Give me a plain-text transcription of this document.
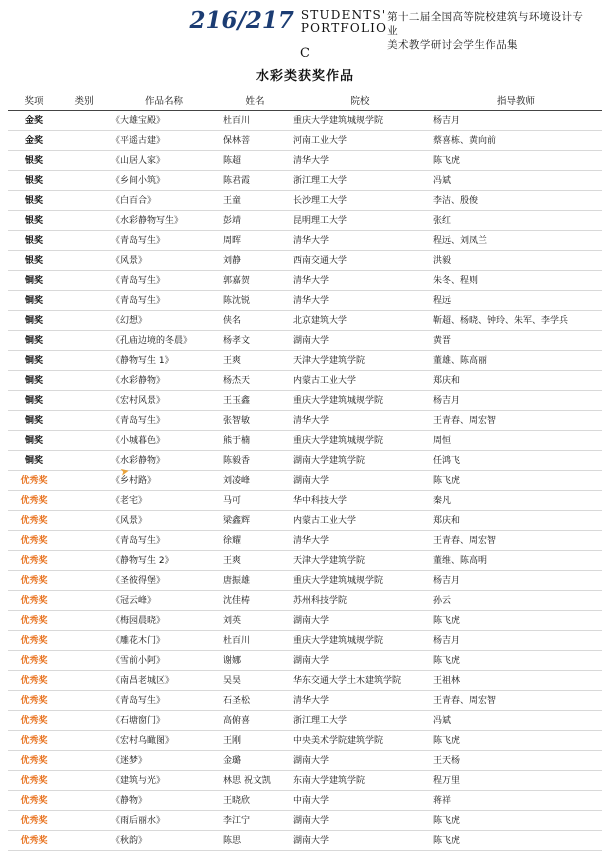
216/217 STUDENTS'
PORTFOLIO
第十二届全国高等院校建筑与环境设计专业
美术教学研讨会学生作品集
C
水彩类获奖作品
奖项	类别	作品名称	姓名	院校	指导教师
金奖		《大雄宝殿》	杜百川	重庆大学建筑城规学院	杨吉月
金奖		《平遥古建》	保林菩	河南工业大学	蔡喜栋、黄向前
银奖		《山居人家》	陈超	清华大学	陈飞虎
银奖		《乡间小筑》	陈君霞	浙江理工大学	冯斌
银奖		《白百合》	王童	长沙理工大学	李洁、殷俊
银奖		《水彩静物写生》	彭靖	昆明理工大学	张红
银奖		《青岛写生》	周晖	清华大学	程远、刘凤兰
银奖		《风景》	刘静	西南交通大学	洪毅
铜奖		《青岛写生》	郭嘉贺	清华大学	朱冬、程则
铜奖		《青岛写生》	陈沈锐	清华大学	程远
铜奖		《幻想》	侠名	北京建筑大学	靳超、杨晓、钟玲、朱军、李学兵
铜奖		《孔庙边境的冬晨》	杨孝文	湖南大学	黄晋
铜奖		《静物写生 1》	王爽	天津大学建筑学院	董雄、陈高丽
铜奖		《水彩静物》	杨杰天	内蒙古工业大学	郑庆和
铜奖		《宏村风景》	王玉鑫	重庆大学建筑城规学院	杨吉月
铜奖		《青岛写生》	张智敏	清华大学	王青春、周宏智
铜奖		《小城暮色》	熊于楠	重庆大学建筑城规学院	周恒
铜奖		《水彩静物》	陈毅香	湖南大学建筑学院	任鸿飞
优秀奖		《乡村路》	刘凌峰	湖南大学	陈飞虎
优秀奖		《老宅》	马可	华中科技大学	秦凡
优秀奖		《风景》	梁鑫辉	内蒙古工业大学	郑庆和
优秀奖		《青岛写生》	徐耀	清华大学	王青春、周宏智
优秀奖		《静物写生 2》	王爽	天津大学建筑学院	董维、陈高明
优秀奖		《圣彼得堡》	唐振雄	重庆大学建筑城规学院	杨吉月
优秀奖		《冠云峰》	沈佳梼	苏州科技学院	孙云
优秀奖		《梅园晨晓》	刘英	湖南大学	陈飞虎
优秀奖		《雕花木门》	杜百川	重庆大学建筑城规学院	杨吉月
优秀奖		《雪前小阿》	谢娜	湖南大学	陈飞虎
优秀奖		《南昌老城区》	吴昊	华东交通大学土木建筑学院	王祖林
优秀奖		《青岛写生》	石圣松	清华大学	王青春、周宏智
优秀奖		《石塘窗门》	高俯喜	浙江理工大学	冯斌
优秀奖		《宏村乌瞰图》	王刚	中央美术学院建筑学院	陈飞虎
优秀奖		《迷梦》	金璐	湖南大学	王天杨
优秀奖		《建筑与光》	林思 祝文凯	东南大学建筑学院	程万里
优秀奖		《静物》	王晓欣	中南大学	蒋祥
优秀奖		《雨后丽水》	李江宁	湖南大学	陈飞虎
优秀奖		《秋韵》	陈思	湖南大学	陈飞虎
➤
